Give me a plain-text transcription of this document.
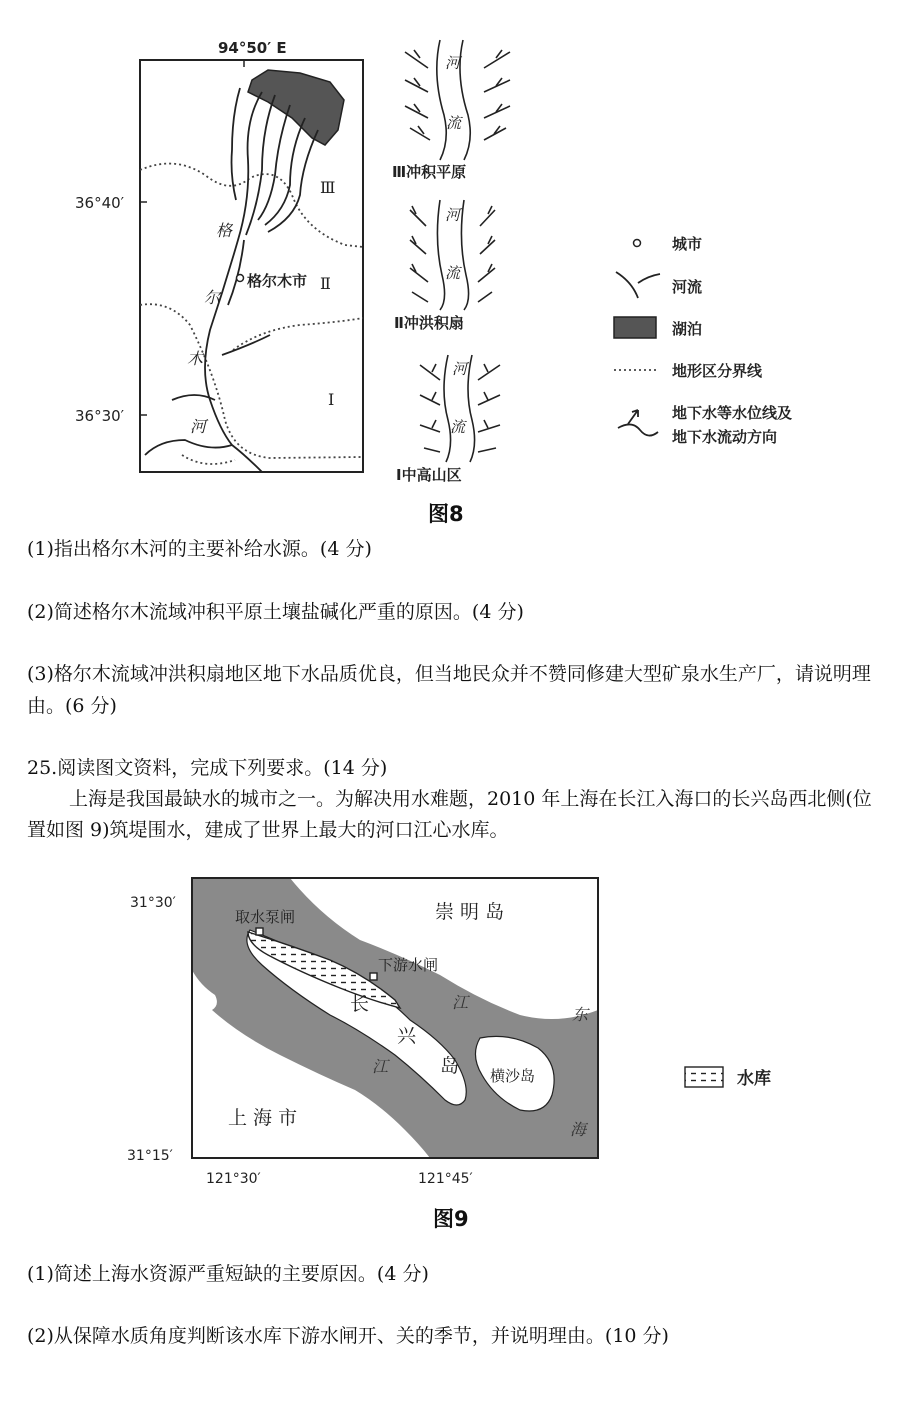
格尔木市
格
尔
木
河
Ⅲ
Ⅱ
Ⅰ
94°50′ E
36°40′
36°30′
河
流
Ⅲ冲积平原
河
流
Ⅱ冲洪积扇
河
流
Ⅰ中高山区
城市
河流
湖泊
地形区分界线
地下水等水位线及
地下水流动方向
图8
(1)指出格尔木河的主要补给水源。(4 分)
(2)简述格尔木流域冲积平原土壤盐碱化严重的原因。(4 分)
(3)格尔木流域冲洪积扇地区地下水品质优良，但当地民众并不赞同修建大型矿泉水生产厂，请说明理由。(6 分)
25.阅读图文资料，完成下列要求。(14 分)
上海是我国最缺水的城市之一。为解决用水难题，2010 年上海在长江入海口的长兴岛西北侧(位置如图 9)筑堤围水，建成了世界上最大的河口江心水库。
崇 明 岛
取水泵闸
下游水闸
长
兴
岛 横沙岛
江
江
东
海
上 海 市
31°30′
31°15′
121°30′	121°45′
水库
图9
(1)简述上海水资源严重短缺的主要原因。(4 分)
(2)从保障水质角度判断该水库下游水闸开、关的季节，并说明理由。(10 分)
